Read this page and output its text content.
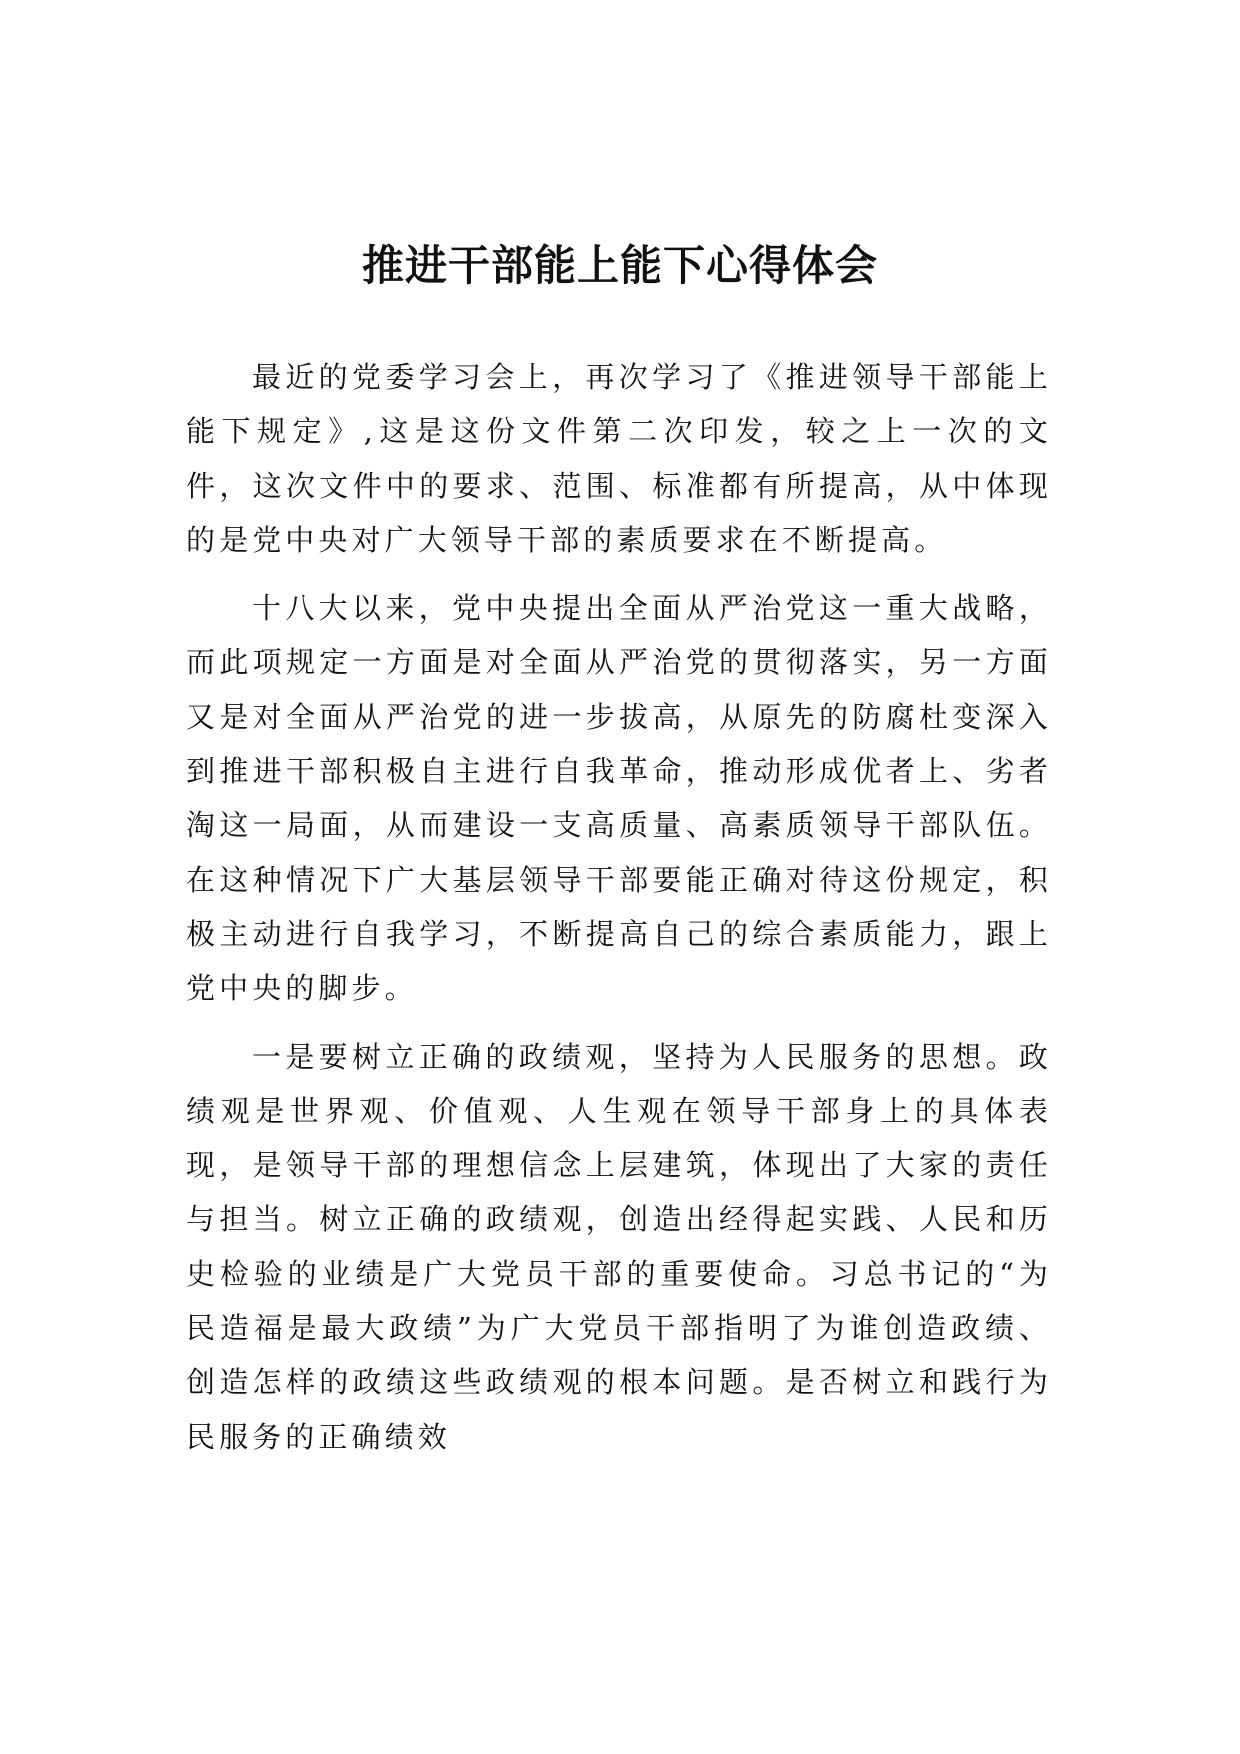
推进干部能上能下心得体会

最近的党委学习会上，再次学习了《推进领导干部能上能下规定》,这是这份文件第二次印发，较之上一次的文件，这次文件中的要求、范围、标准都有所提高，从中体现的是党中央对广大领导干部的素质要求在不断提高。

十八大以来，党中央提出全面从严治党这一重大战略，而此项规定一方面是对全面从严治党的贯彻落实，另一方面又是对全面从严治党的进一步拔高，从原先的防腐杜变深入到推进干部积极自主进行自我革命，推动形成优者上、劣者淘这一局面，从而建设一支高质量、高素质领导干部队伍。在这种情况下广大基层领导干部要能正确对待这份规定，积极主动进行自我学习，不断提高自己的综合素质能力，跟上党中央的脚步。

一是要树立正确的政绩观，坚持为人民服务的思想。政绩观是世界观、价值观、人生观在领导干部身上的具体表现，是领导干部的理想信念上层建筑，体现出了大家的责任与担当。树立正确的政绩观，创造出经得起实践、人民和历史检验的业绩是广大党员干部的重要使命。习总书记的“为民造福是最大政绩”为广大党员干部指明了为谁创造政绩、创造怎样的政绩这些政绩观的根本问题。是否树立和践行为民服务的正确绩效
